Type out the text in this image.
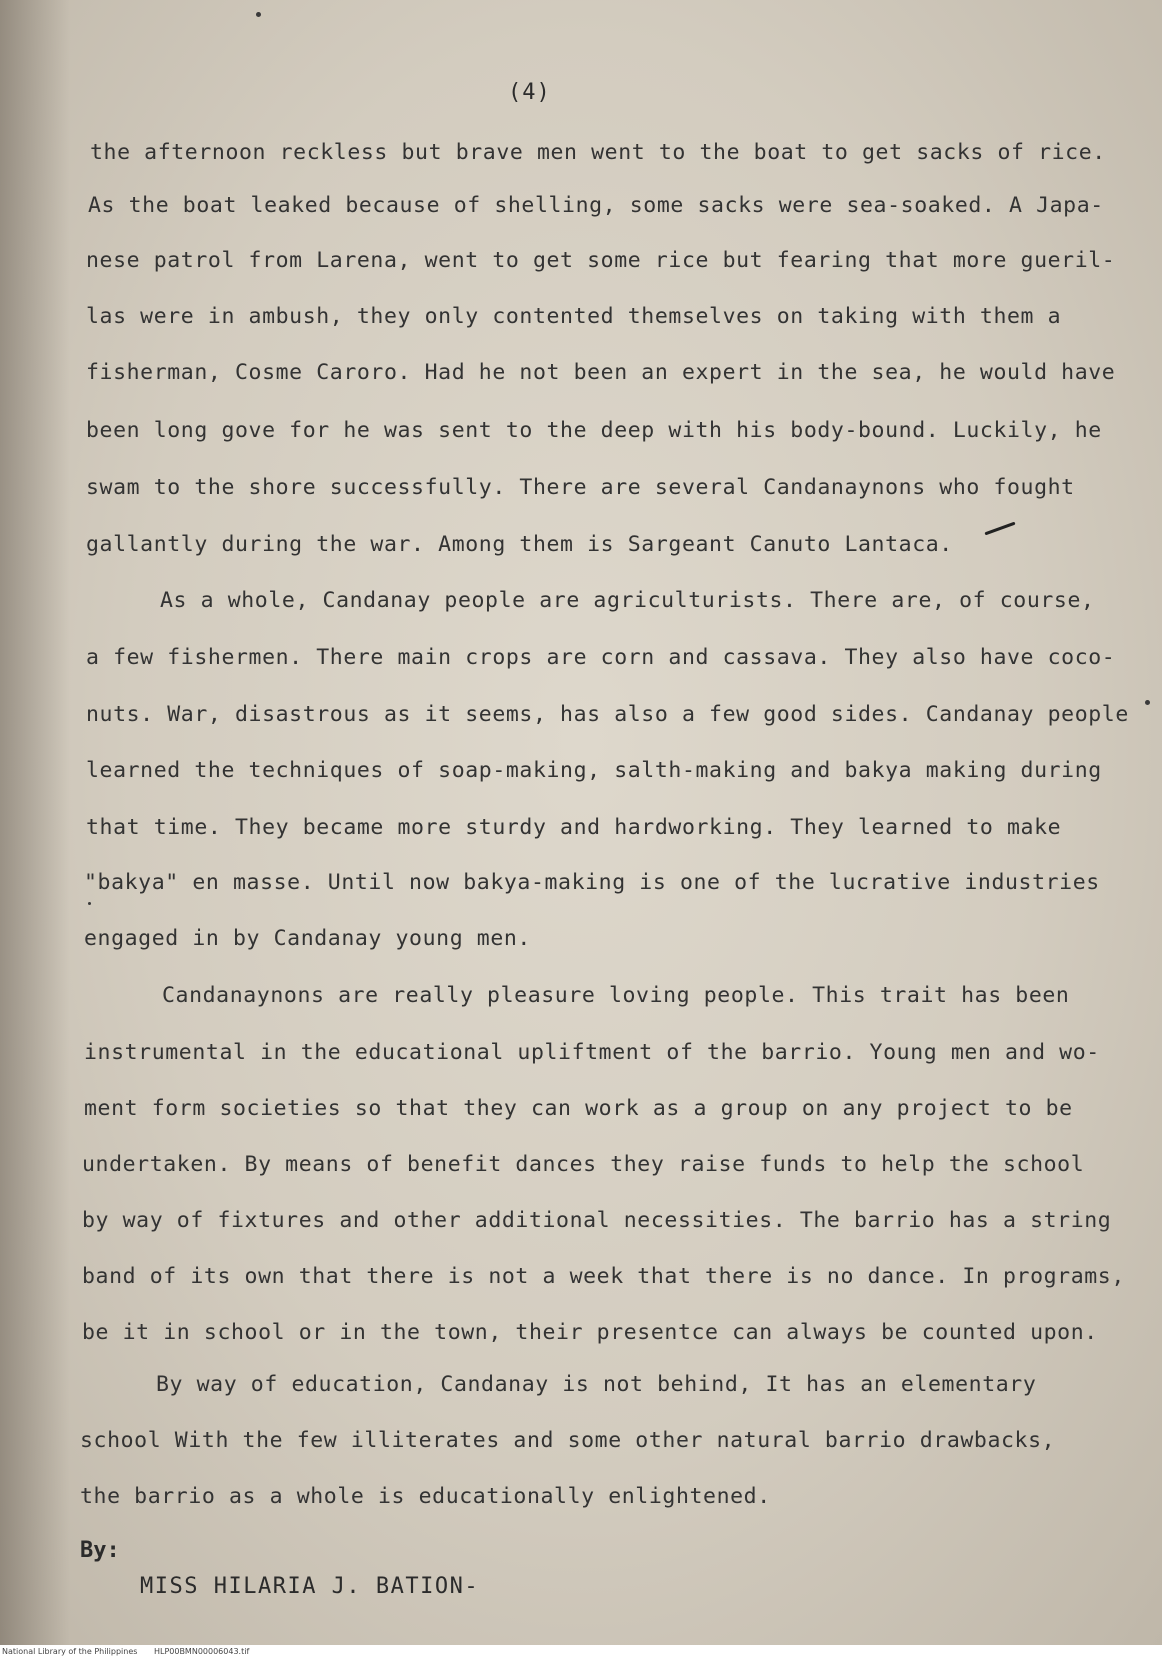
(4)
the afternoon reckless but brave men went to the boat to get sacks of rice.
As the boat leaked because of shelling, some sacks were sea-soaked. A Japa-
nese patrol from Larena, went to get some rice but fearing that more gueril-
las were in ambush, they only contented themselves on taking with them a
fisherman, Cosme Caroro. Had he not been an expert in the sea, he would have
been long gove for he was sent to the deep with his body-bound. Luckily, he
swam to the shore successfully. There are several Candanaynons who fought
gallantly during the war. Among them is Sargeant Canuto Lantaca.
As a whole, Candanay people are agriculturists. There are, of course,
a few fishermen. There main crops are corn and cassava. They also have coco-
nuts. War, disastrous as it seems, has also a few good sides. Candanay people
learned the techniques of soap-making, salth-making and bakya making during
that time. They became more sturdy and hardworking. They learned to make
"bakya" en masse. Until now bakya-making is one of the lucrative industries
engaged in by Candanay young men.
Candanaynons are really pleasure loving people. This trait has been
instrumental in the educational upliftment of the barrio. Young men and wo-
ment form societies so that they can work as a group on any project to be
undertaken. By means of benefit dances they raise funds to help the school
by way of fixtures and other additional necessities. The barrio has a string
band of its own that there is not a week that there is no dance. In programs,
be it in school or in the town, their presentce can always be counted upon.
By way of education, Candanay is not behind, It has an elementary
school With the few illiterates and some other natural barrio drawbacks,
the barrio as a whole is educationally enlightened.
By:
MISS HILARIA J. BATION-
National Library of the Philippines HLP00BMN00006043.tif
